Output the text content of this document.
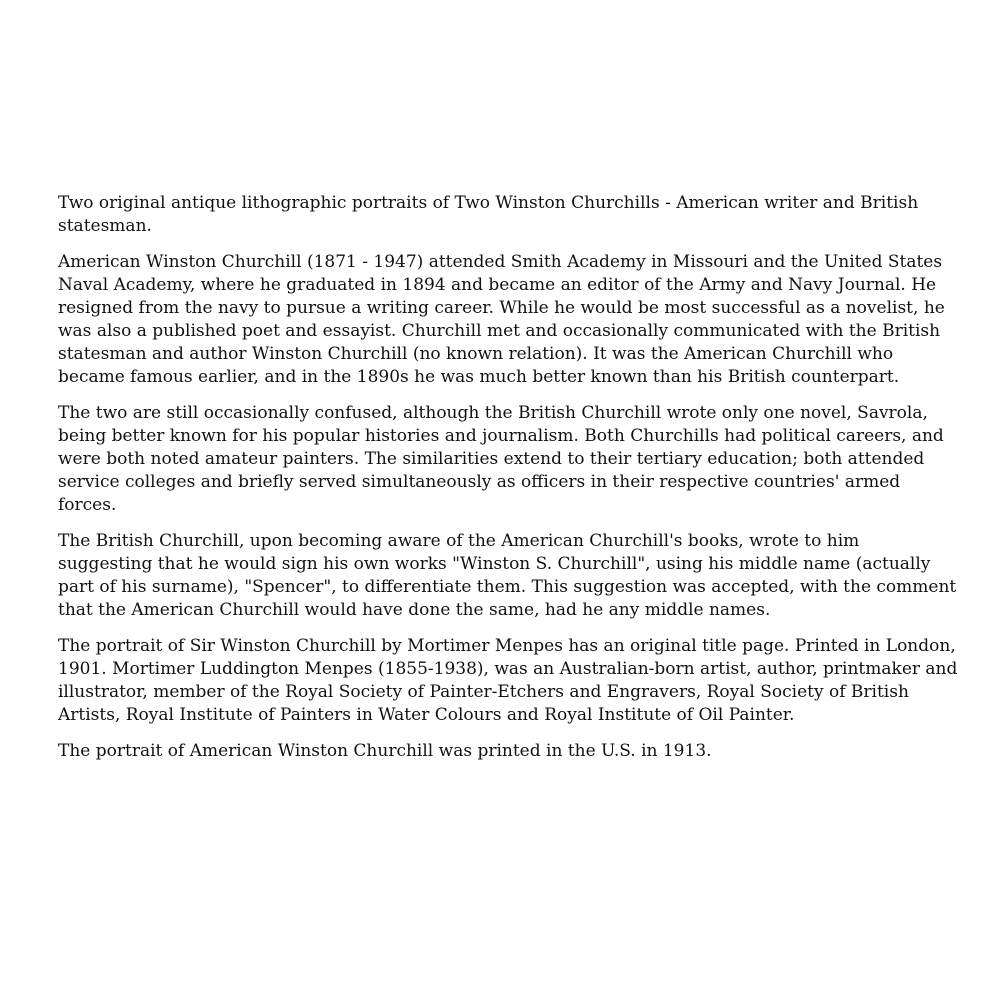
Two original antique lithographic portraits of Two Winston Churchills - American writer and British statesman.

American Winston Churchill (1871 - 1947) attended Smith Academy in Missouri and the United States Naval Academy, where he graduated in 1894 and became an editor of the Army and Navy Journal. He resigned from the navy to pursue a writing career. While he would be most successful as a novelist, he was also a published poet and essayist. Churchill met and occasionally communicated with the British statesman and author Winston Churchill (no known relation). It was the American Churchill who became famous earlier, and in the 1890s he was much better known than his British counterpart.

The two are still occasionally confused, although the British Churchill wrote only one novel, Savrola, being better known for his popular histories and journalism. Both Churchills had political careers, and were both noted amateur painters. The similarities extend to their tertiary education; both attended service colleges and briefly served simultaneously as officers in their respective countries' armed forces.

The British Churchill, upon becoming aware of the American Churchill's books, wrote to him suggesting that he would sign his own works "Winston S. Churchill", using his middle name (actually part of his surname), "Spencer", to differentiate them. This suggestion was accepted, with the comment that the American Churchill would have done the same, had he any middle names.

The portrait of Sir Winston Churchill by Mortimer Menpes has an original title page. Printed in London, 1901. Mortimer Luddington Menpes (1855-1938), was an Australian-born artist, author, printmaker and illustrator, member of the Royal Society of Painter-Etchers and Engravers, Royal Society of British Artists, Royal Institute of Painters in Water Colours and Royal Institute of Oil Painter.

The portrait of American Winston Churchill was printed in the U.S. in 1913.
